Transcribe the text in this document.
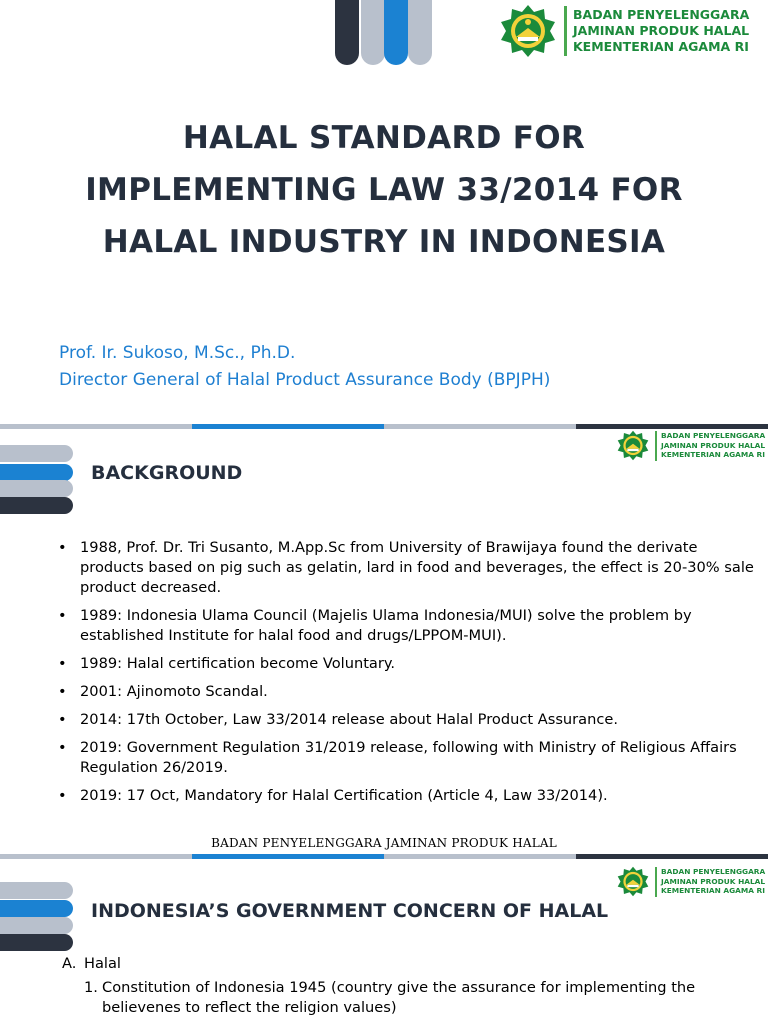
BADAN PENYELENGGARA
JAMINAN PRODUK HALAL
KEMENTERIAN AGAMA RI
HALAL STANDARD FOR
IMPLEMENTING LAW 33/2014 FOR
HALAL INDUSTRY IN INDONESIA
Prof. Ir. Sukoso, M.Sc., Ph.D.
Director General of Halal Product Assurance Body (BPJPH)
BACKGROUND
BADAN PENYELENGGARA
JAMINAN PRODUK HALAL
KEMENTERIAN AGAMA RI
• 1988, Prof. Dr. Tri Susanto, M.App.Sc from University of Brawijaya found the derivate products based on pig such as gelatin, lard in food and beverages, the effect is 20-30% sale product decreased.
• 1989: Indonesia Ulama Council (Majelis Ulama Indonesia/MUI) solve the problem by established Institute for halal food and drugs/LPPOM-MUI).
• 1989: Halal certification become Voluntary.
• 2001: Ajinomoto Scandal.
• 2014: 17th October, Law 33/2014 release about Halal Product Assurance.
• 2019: Government Regulation 31/2019 release, following with Ministry of Religious Affairs Regulation 26/2019.
• 2019: 17 Oct, Mandatory for Halal Certification (Article 4, Law 33/2014).
BADAN PENYELENGGARA JAMINAN PRODUK HALAL
INDONESIA’S GOVERNMENT CONCERN OF HALAL
BADAN PENYELENGGARA
JAMINAN PRODUK HALAL
KEMENTERIAN AGAMA RI
A. Halal
1. Constitution of Indonesia 1945 (country give the assurance for implementing the believenes to reflect the religion values)
